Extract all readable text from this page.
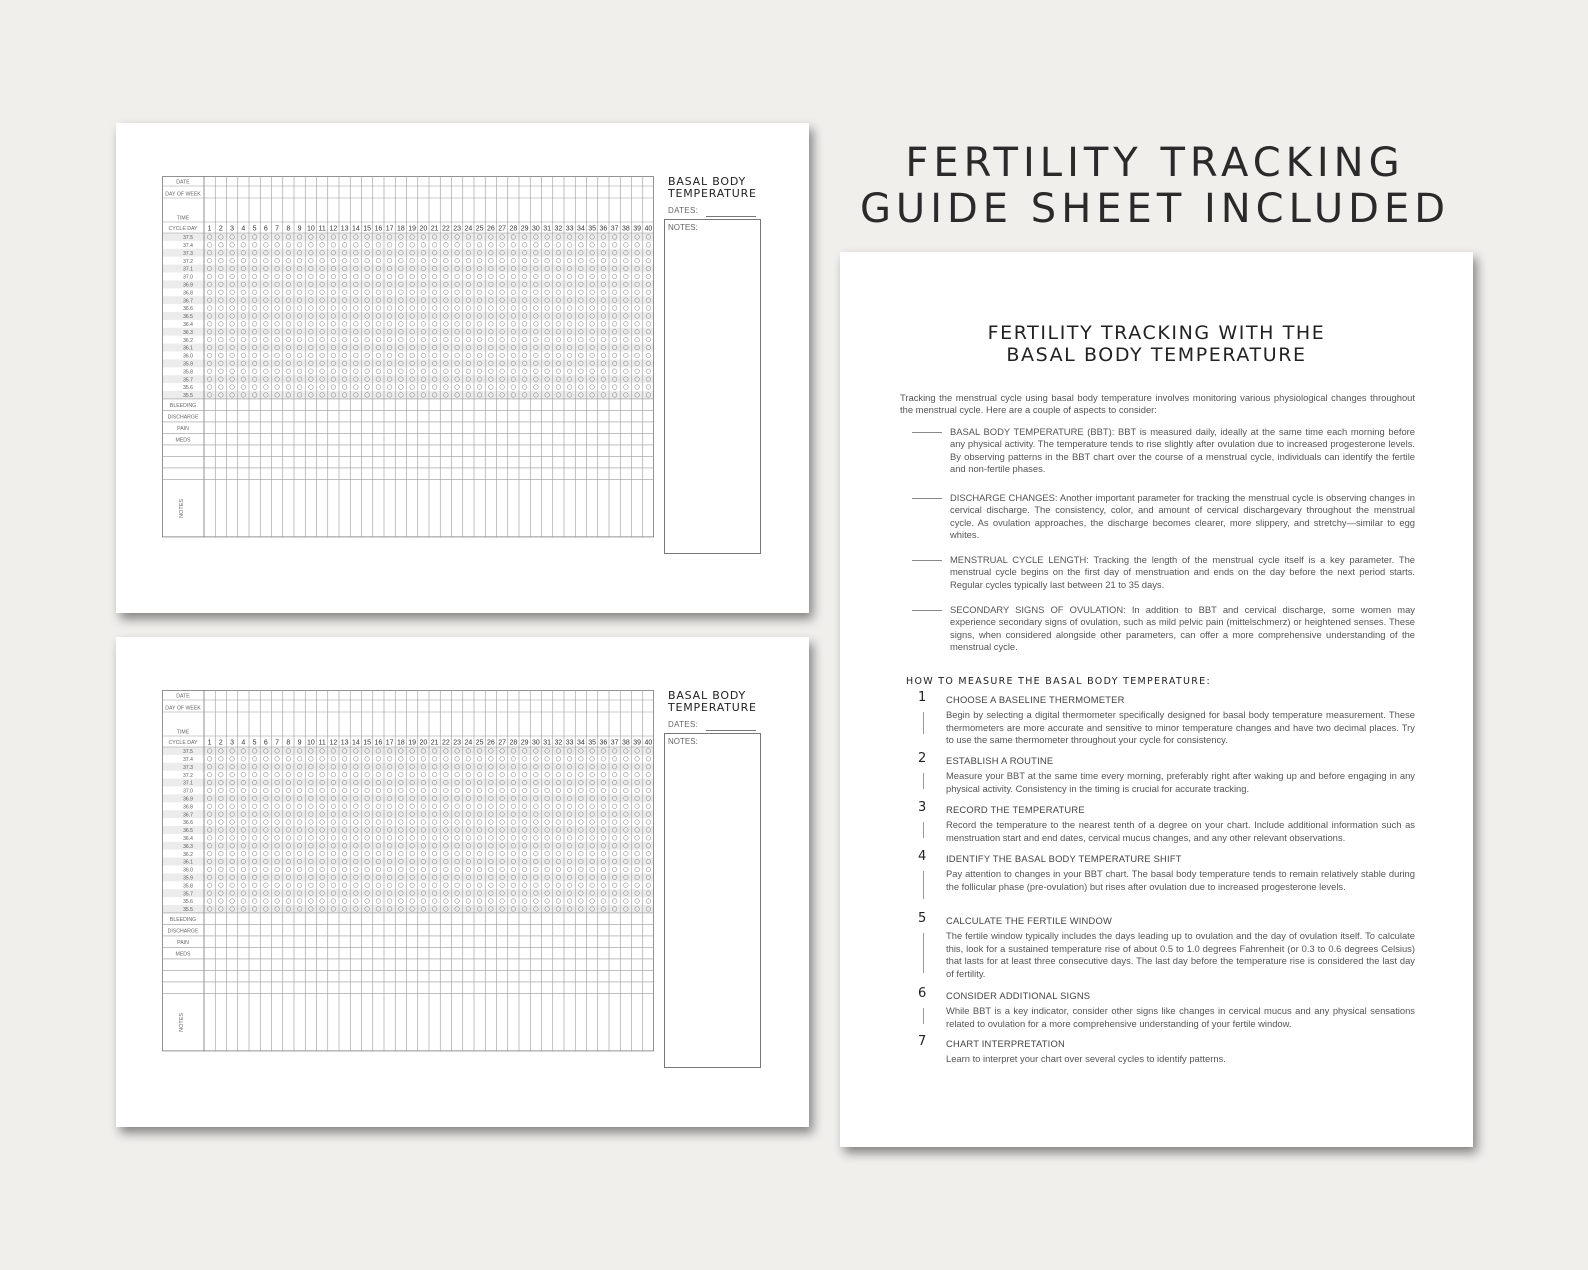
FERTILITY TRACKING
GUIDE SHEET INCLUDED
DATE
DAY OF WEEK
TIME
CYCLE DAY 1 2 3 4 5 6 7 8 9 10 11 12 13 14 15 16 17 18 19 20 21 22 23 24 25 26 27 28 29 30 31 32 33 34 35 36 37 38 39 40
37.5
37.4
37.3
37.2
37.1
37.0
36.9
36.8
36.7
36.6
36.5
36.4
36.3
36.2
36.1
36.0
35.9
35.8
35.7
35.6
35.5
BLEEDING
DISCHARGE
PAIN
MEDS
NOTES
BASAL BODY TEMPERATURE
DATES:
NOTES:
DATE
DAY OF WEEK
TIME
CYCLE DAY 1 2 3 4 5 6 7 8 9 10 11 12 13 14 15 16 17 18 19 20 21 22 23 24 25 26 27 28 29 30 31 32 33 34 35 36 37 38 39 40
37.5
37.4
37.3
37.2
37.1
37.0
36.9
36.8
36.7
36.6
36.5
36.4
36.3
36.2
36.1
36.0
35.9
35.8
35.7
35.6
35.5
BLEEDING
DISCHARGE
PAIN
MEDS
NOTES
BASAL BODY TEMPERATURE
DATES:
NOTES:
FERTILITY TRACKING WITH THE
BASAL BODY TEMPERATURE
Tracking the menstrual cycle using basal body temperature involves monitoring various physiological changes throughout the menstrual cycle. Here are a couple of aspects to consider:
BASAL BODY TEMPERATURE (BBT): BBT is measured daily, ideally at the same time each morning before any physical activity. The temperature tends to rise slightly after ovulation due to increased progesterone levels. By observing patterns in the BBT chart over the course of a menstrual cycle, individuals can identify the fertile and non-fertile phases.
DISCHARGE CHANGES: Another important parameter for tracking the menstrual cycle is observing changes in cervical discharge. The consistency, color, and amount of cervical dischargevary throughout the menstrual cycle. As ovulation approaches, the discharge becomes clearer, more slippery, and stretchy—similar to egg whites.
MENSTRUAL CYCLE LENGTH: Tracking the length of the menstrual cycle itself is a key parameter. The menstrual cycle begins on the first day of menstruation and ends on the day before the next period starts. Regular cycles typically last between 21 to 35 days.
SECONDARY SIGNS OF OVULATION: In addition to BBT and cervical discharge, some women may experience secondary signs of ovulation, such as mild pelvic pain (mittelschmerz) or heightened senses. These signs, when considered alongside other parameters, can offer a more comprehensive understanding of the menstrual cycle.
HOW TO MEASURE THE BASAL BODY TEMPERATURE:
1 CHOOSE A BASELINE THERMOMETER
Begin by selecting a digital thermometer specifically designed for basal body temperature measurement. These thermometers are more accurate and sensitive to minor temperature changes and have two decimal places. Try to use the same thermometer throughout your cycle for consistency.
2 ESTABLISH A ROUTINE
Measure your BBT at the same time every morning, preferably right after waking up and before engaging in any physical activity. Consistency in the timing is crucial for accurate tracking.
3 RECORD THE TEMPERATURE
Record the temperature to the nearest tenth of a degree on your chart. Include additional information such as menstruation start and end dates, cervical mucus changes, and any other relevant observations.
4 IDENTIFY THE BASAL BODY TEMPERATURE SHIFT
Pay attention to changes in your BBT chart. The basal body temperature tends to remain relatively stable during the follicular phase (pre-ovulation) but rises after ovulation due to increased progesterone levels.
5 CALCULATE THE FERTILE WINDOW
The fertile window typically includes the days leading up to ovulation and the day of ovulation itself. To calculate this, look for a sustained temperature rise of about 0.5 to 1.0 degrees Fahrenheit (or 0.3 to 0.6 degrees Celsius) that lasts for at least three consecutive days. The last day before the temperature rise is considered the last day of fertility.
6 CONSIDER ADDITIONAL SIGNS
While BBT is a key indicator, consider other signs like changes in cervical mucus and any physical sensations related to ovulation for a more comprehensive understanding of your fertile window.
7 CHART INTERPRETATION
Learn to interpret your chart over several cycles to identify patterns.
